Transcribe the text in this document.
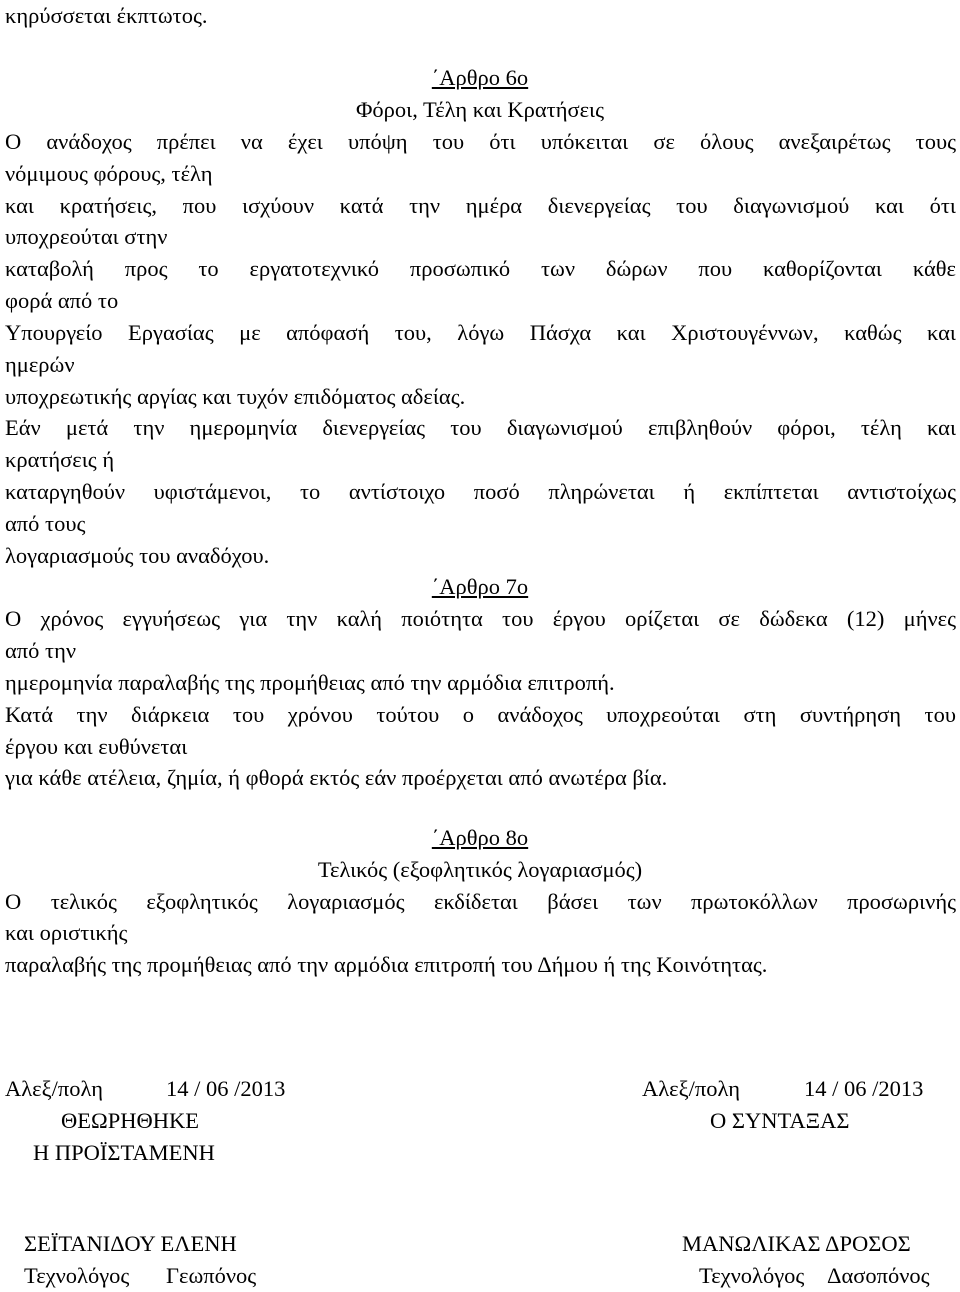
κηρύσσεται έκπτωτος.
΄Αρθρο 6ο
Φόροι, Τέλη και Κρατήσεις
Ο ανάδοχος πρέπει να έχει υπόψη του ότι υπόκειται σε όλους ανεξαιρέτως τους
νόμιμους φόρους, τέλη
και κρατήσεις, που ισχύουν κατά την ημέρα διενεργείας του διαγωνισμού και ότι
υποχρεούται στην
καταβολή προς το εργατοτεχνικό προσωπικό των δώρων που καθορίζονται κάθε
φορά από το
Υπουργείο Εργασίας με απόφασή του, λόγω Πάσχα και Χριστουγέννων, καθώς και
ημερών
υποχρεωτικής αργίας και τυχόν επιδόματος αδείας.
Εάν μετά την ημερομηνία διενεργείας του διαγωνισμού επιβληθούν φόροι, τέλη και
κρατήσεις ή
καταργηθούν υφιστάμενοι, το αντίστοιχο ποσό πληρώνεται ή εκπίπτεται αντιστοίχως
από τους
λογαριασμούς του αναδόχου.
΄Αρθρο 7ο
Ο χρόνος εγγυήσεως για την καλή ποιότητα του έργου ορίζεται σε δώδεκα (12) μήνες
από την
ημερομηνία παραλαβής της προμήθειας από την αρμόδια επιτροπή.
Κατά την διάρκεια του χρόνου τούτου ο ανάδοχος υποχρεούται στη συντήρηση του
έργου και ευθύνεται
για κάθε ατέλεια, ζημία, ή φθορά εκτός εάν προέρχεται από ανωτέρα βία.
΄Αρθρο 8ο
Τελικός (εξοφλητικός λογαριασμός)
Ο τελικός εξοφλητικός λογαριασμός εκδίδεται βάσει των πρωτοκόλλων προσωρινής
και οριστικής
παραλαβής της προμήθειας από την αρμόδια επιτροπή του Δήμου ή της Κοινότητας.
Αλεξ/πολη	14 / 06 /2013
ΘΕΩΡΗΘΗΚΕ
Η ΠΡΟΪΣΤΑΜΕΝΗ
ΣΕΪΤΑΝΙΔΟΥ ΕΛΕΝΗ
Τεχνολόγος Γεωπόνος
Αλεξ/πολη	14 / 06 /2013
Ο ΣΥΝΤΑΞΑΣ
ΜΑΝΩΛΙΚΑΣ ΔΡΟΣΟΣ
Τεχνολόγος Δασοπόνος
